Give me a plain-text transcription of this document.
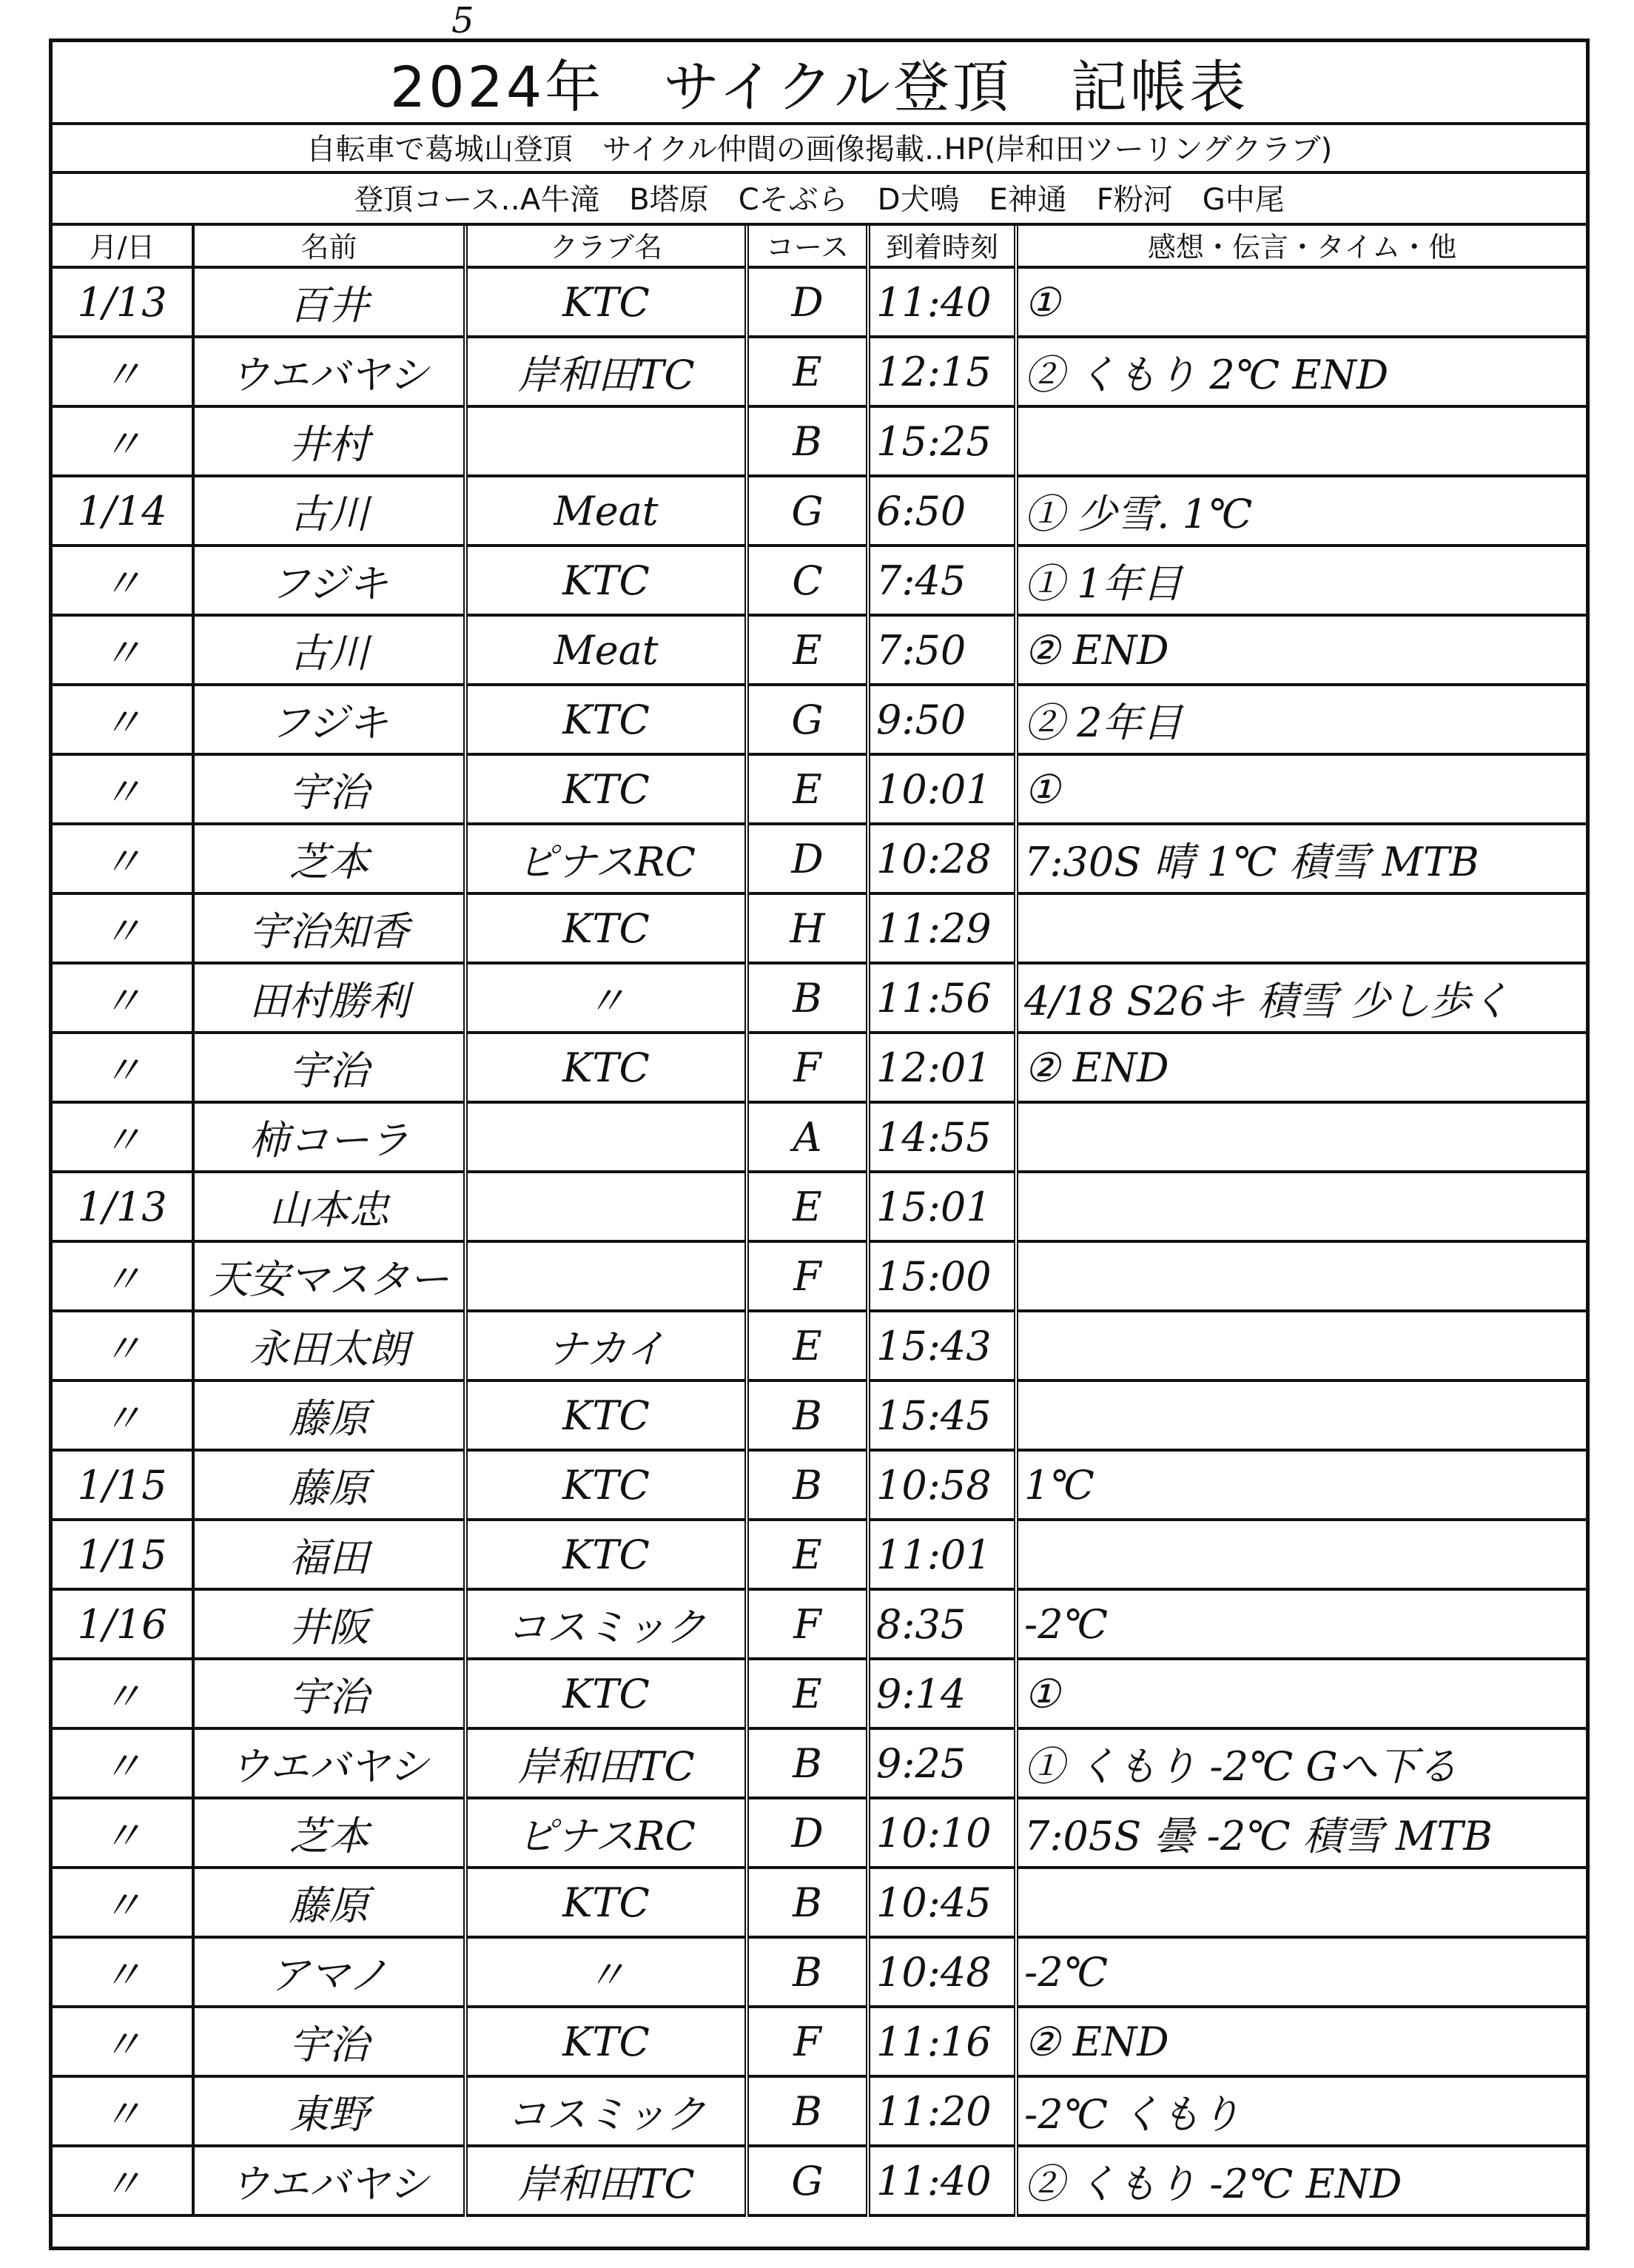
5
2024年　サイクル登頂　記帳表
自転車で葛城山登頂　サイクル仲間の画像掲載‥HP(岸和田ツーリングクラブ)
登頂コース‥A牛滝　B塔原　Cそぶら　D犬鳴　E神通　F粉河　G中尾
月/日	名前	クラブ名	コース	到着時刻	感想・伝言・タイム・他
1/13	百井	KTC	D	11:40	①
〃	ウエバヤシ	岸和田TC	E	12:15	② くもり 2℃ END
〃	井村		B	15:25	
1/14	古川	Meat	G	6:50	① 少雪. 1℃
〃	フジキ	KTC	C	7:45	① 1年目
〃	古川	Meat	E	7:50	② END
〃	フジキ	KTC	G	9:50	② 2年目
〃	宇治	KTC	E	10:01	①
〃	芝本	ピナスRC	D	10:28	7:30S 晴 1℃ 積雪 MTB
〃	宇治知香	KTC	H	11:29	
〃	田村勝利	〃	B	11:56	4/18 S26キ 積雪 少し歩く
〃	宇治	KTC	F	12:01	② END
〃	柿コーラ		A	14:55	
1/13	山本忠		E	15:01	
〃	天安マスター		F	15:00	
〃	永田太朗	ナカイ	E	15:43	
〃	藤原	KTC	B	15:45	
1/15	藤原	KTC	B	10:58	1℃
1/15	福田	KTC	E	11:01	
1/16	井阪	コスミック	F	8:35	-2℃
〃	宇治	KTC	E	9:14	①
〃	ウエバヤシ	岸和田TC	B	9:25	① くもり -2℃ Gへ下る
〃	芝本	ピナスRC	D	10:10	7:05S 曇 -2℃ 積雪 MTB
〃	藤原	KTC	B	10:45	
〃	アマノ	〃	B	10:48	-2℃
〃	宇治	KTC	F	11:16	② END
〃	東野	コスミック	B	11:20	-2℃ くもり
〃	ウエバヤシ	岸和田TC	G	11:40	② くもり -2℃ END
